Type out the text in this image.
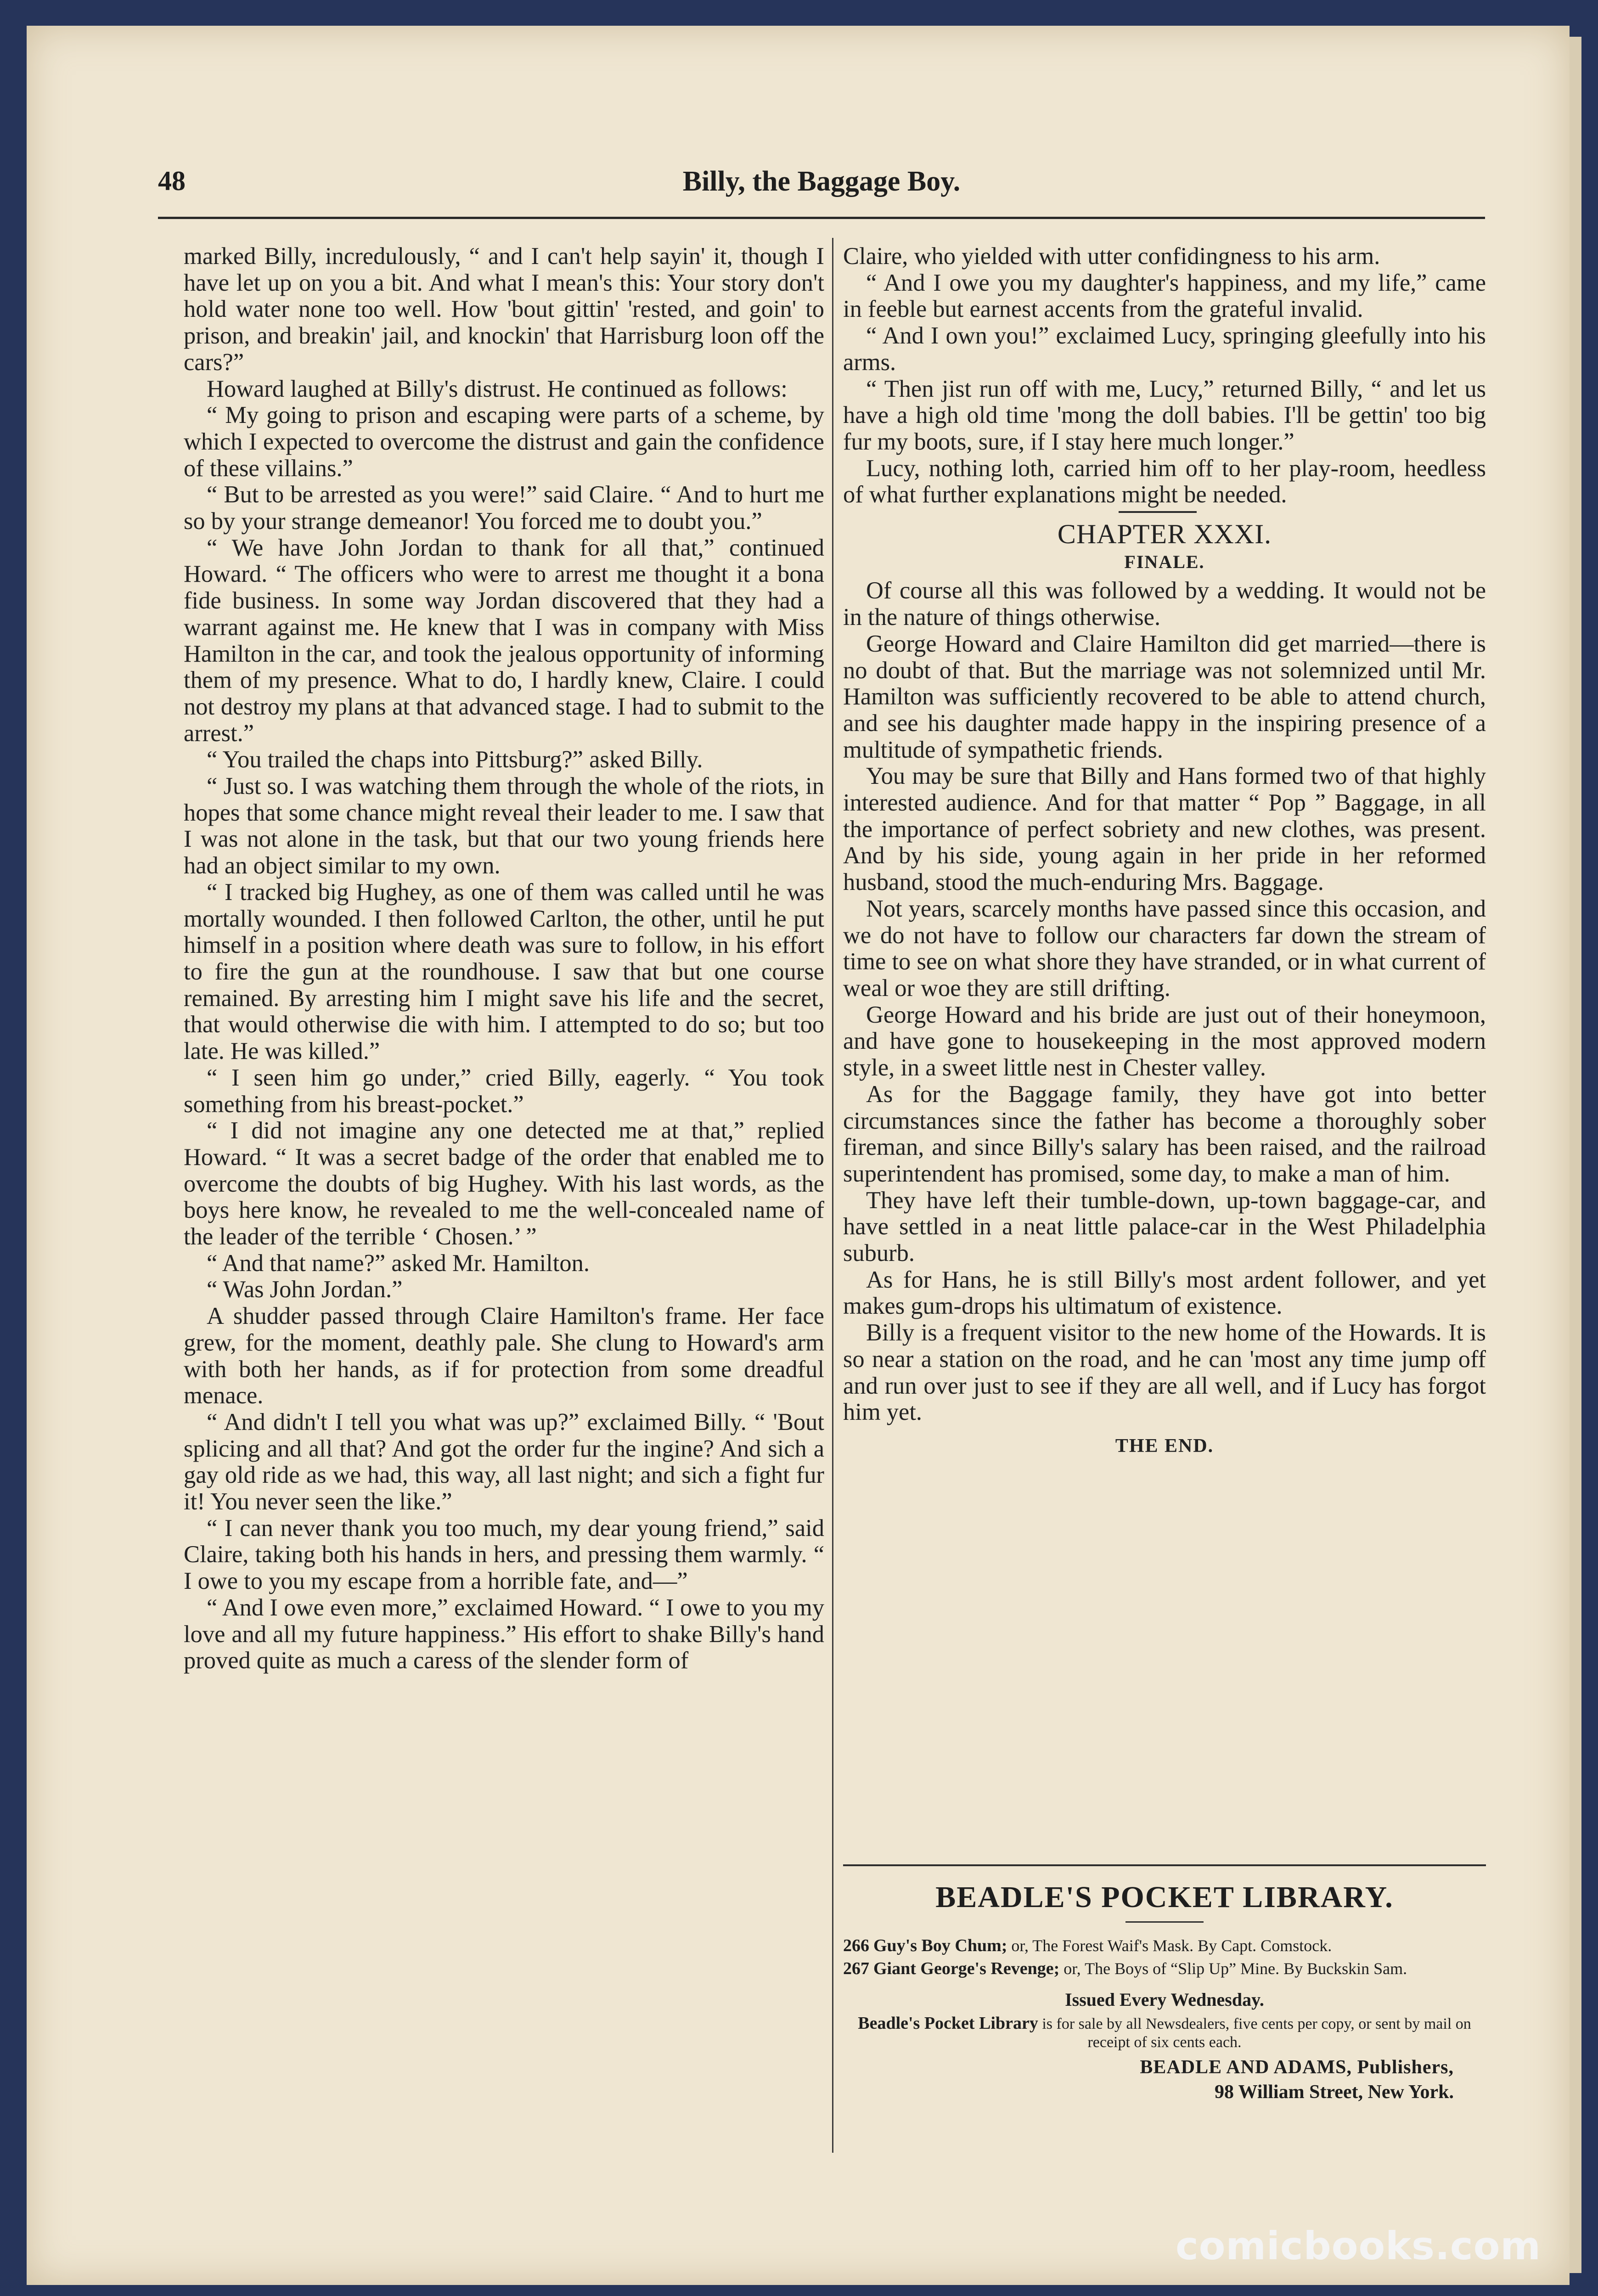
48	Billy, the Baggage Boy.

marked Billy, incredulously, “ and I can't help sayin' it, though I have let up on you a bit. And what I mean's this: Your story don't hold water none too well. How 'bout gittin' 'rested, and goin' to prison, and breakin' jail, and knockin' that Harrisburg loon off the cars?”

Howard laughed at Billy's distrust. He continued as follows:

“ My going to prison and escaping were parts of a scheme, by which I expected to overcome the distrust and gain the confidence of these villains.”

“ But to be arrested as you were!” said Claire. “ And to hurt me so by your strange demeanor! You forced me to doubt you.”

“ We have John Jordan to thank for all that,” continued Howard. “ The officers who were to arrest me thought it a bona fide business. In some way Jordan discovered that they had a warrant against me. He knew that I was in company with Miss Hamilton in the car, and took the jealous opportunity of informing them of my presence. What to do, I hardly knew, Claire. I could not destroy my plans at that advanced stage. I had to submit to the arrest.”

“ You trailed the chaps into Pittsburg?” asked Billy.

“ Just so. I was watching them through the whole of the riots, in hopes that some chance might reveal their leader to me. I saw that I was not alone in the task, but that our two young friends here had an object similar to my own.

“ I tracked big Hughey, as one of them was called until he was mortally wounded. I then followed Carlton, the other, until he put himself in a position where death was sure to follow, in his effort to fire the gun at the roundhouse. I saw that but one course remained. By arresting him I might save his life and the secret, that would otherwise die with him. I attempted to do so; but too late. He was killed.”

“ I seen him go under,” cried Billy, eagerly. “ You took something from his breast-pocket.”

“ I did not imagine any one detected me at that,” replied Howard. “ It was a secret badge of the order that enabled me to overcome the doubts of big Hughey. With his last words, as the boys here know, he revealed to me the well-concealed name of the leader of the terrible ‘ Chosen.’ ”

“ And that name?” asked Mr. Hamilton.

“ Was John Jordan.”

A shudder passed through Claire Hamilton's frame. Her face grew, for the moment, deathly pale. She clung to Howard's arm with both her hands, as if for protection from some dreadful menace.

“ And didn't I tell you what was up?” exclaimed Billy. “ 'Bout splicing and all that? And got the order fur the ingine? And sich a gay old ride as we had, this way, all last night; and sich a fight fur it! You never seen the like.”

“ I can never thank you too much, my dear young friend,” said Claire, taking both his hands in hers, and pressing them warmly. “ I owe to you my escape from a horrible fate, and—”

“ And I owe even more,” exclaimed Howard. “ I owe to you my love and all my future happiness.” His effort to shake Billy's hand proved quite as much a caress of the slender form of

Claire, who yielded with utter confidingness to his arm.

“ And I owe you my daughter's happiness, and my life,” came in feeble but earnest accents from the grateful invalid.

“ And I own you!” exclaimed Lucy, springing gleefully into his arms.

“ Then jist run off with me, Lucy,” returned Billy, “ and let us have a high old time 'mong the doll babies. I'll be gettin' too big fur my boots, sure, if I stay here much longer.”

Lucy, nothing loth, carried him off to her play-room, heedless of what further explanations might be needed.

CHAPTER XXXI.
FINALE.

Of course all this was followed by a wedding. It would not be in the nature of things otherwise.

George Howard and Claire Hamilton did get married—there is no doubt of that. But the marriage was not solemnized until Mr. Hamilton was sufficiently recovered to be able to attend church, and see his daughter made happy in the inspiring presence of a multitude of sympathetic friends.

You may be sure that Billy and Hans formed two of that highly interested audience. And for that matter “ Pop ” Baggage, in all the importance of perfect sobriety and new clothes, was present. And by his side, young again in her pride in her reformed husband, stood the much-enduring Mrs. Baggage.

Not years, scarcely months have passed since this occasion, and we do not have to follow our characters far down the stream of time to see on what shore they have stranded, or in what current of weal or woe they are still drifting.

George Howard and his bride are just out of their honeymoon, and have gone to housekeeping in the most approved modern style, in a sweet little nest in Chester valley.

As for the Baggage family, they have got into better circumstances since the father has become a thoroughly sober fireman, and since Billy's salary has been raised, and the railroad superintendent has promised, some day, to make a man of him.

They have left their tumble-down, up-town baggage-car, and have settled in a neat little palace-car in the West Philadelphia suburb.

As for Hans, he is still Billy's most ardent follower, and yet makes gum-drops his ultimatum of existence.

Billy is a frequent visitor to the new home of the Howards. It is so near a station on the road, and he can 'most any time jump off and run over just to see if they are all well, and if Lucy has forgot him yet.

THE END.
BEADLE'S POCKET LIBRARY.

266 Guy's Boy Chum; or, The Forest Waif's Mask. By Capt. Comstock.

267 Giant George's Revenge; or, The Boys of “Slip Up” Mine. By Buckskin Sam.

Issued Every Wednesday.

Beadle's Pocket Library is for sale by all Newsdealers, five cents per copy, or sent by mail on receipt of six cents each.

BEADLE AND ADAMS, Publishers,
98 William Street, New York.
comicbooks.com
